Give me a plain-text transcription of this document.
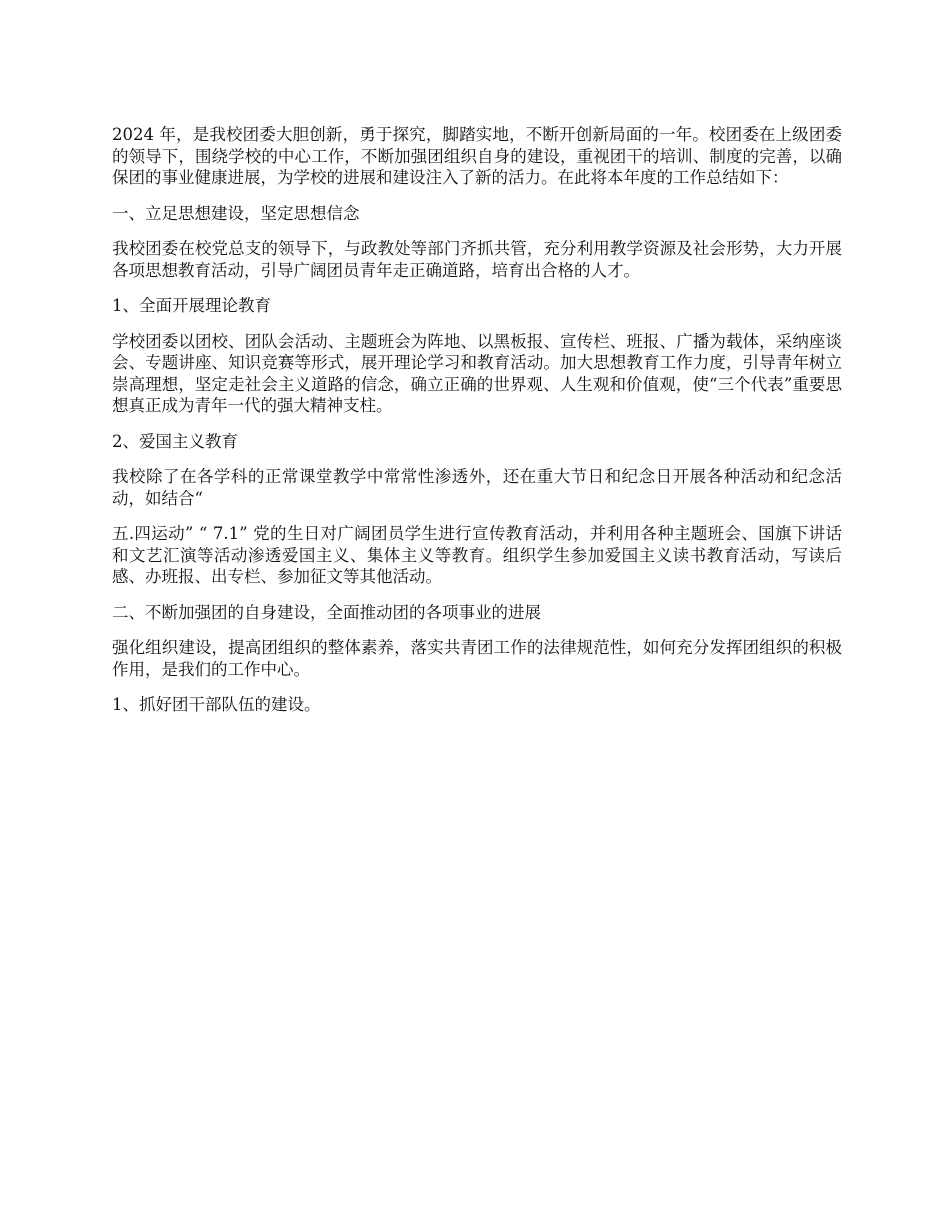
2024 年，是我校团委大胆创新，勇于探究，脚踏实地，不断开创新局面的一年。校团委在上级团委的领导下，围绕学校的中心工作，不断加强团组织自身的建设，重视团干的培训、制度的完善，以确保团的事业健康进展，为学校的进展和建设注入了新的活力。在此将本年度的工作总结如下：

一、立足思想建设，坚定思想信念

我校团委在校党总支的领导下，与政教处等部门齐抓共管，充分利用教学资源及社会形势，大力开展各项思想教育活动，引导广阔团员青年走正确道路，培育出合格的人才。

1、全面开展理论教育

学校团委以团校、团队会活动、主题班会为阵地、以黑板报、宣传栏、班报、广播为载体，采纳座谈会、专题讲座、知识竞赛等形式，展开理论学习和教育活动。加大思想教育工作力度，引导青年树立崇高理想，坚定走社会主义道路的信念，确立正确的世界观、人生观和价值观，使“三个代表”重要思想真正成为青年一代的强大精神支柱。

2、爱国主义教育

我校除了在各学科的正常课堂教学中常常性渗透外，还在重大节日和纪念日开展各种活动和纪念活动，如结合“

五.四运动” “ 7.1” 党的生日对广阔团员学生进行宣传教育活动，并利用各种主题班会、国旗下讲话和文艺汇演等活动渗透爱国主义、集体主义等教育。组织学生参加爱国主义读书教育活动，写读后感、办班报、出专栏、参加征文等其他活动。

二、不断加强团的自身建设，全面推动团的各项事业的进展

强化组织建设，提高团组织的整体素养，落实共青团工作的法律规范性，如何充分发挥团组织的积极作用，是我们的工作中心。

1、抓好团干部队伍的建设。
